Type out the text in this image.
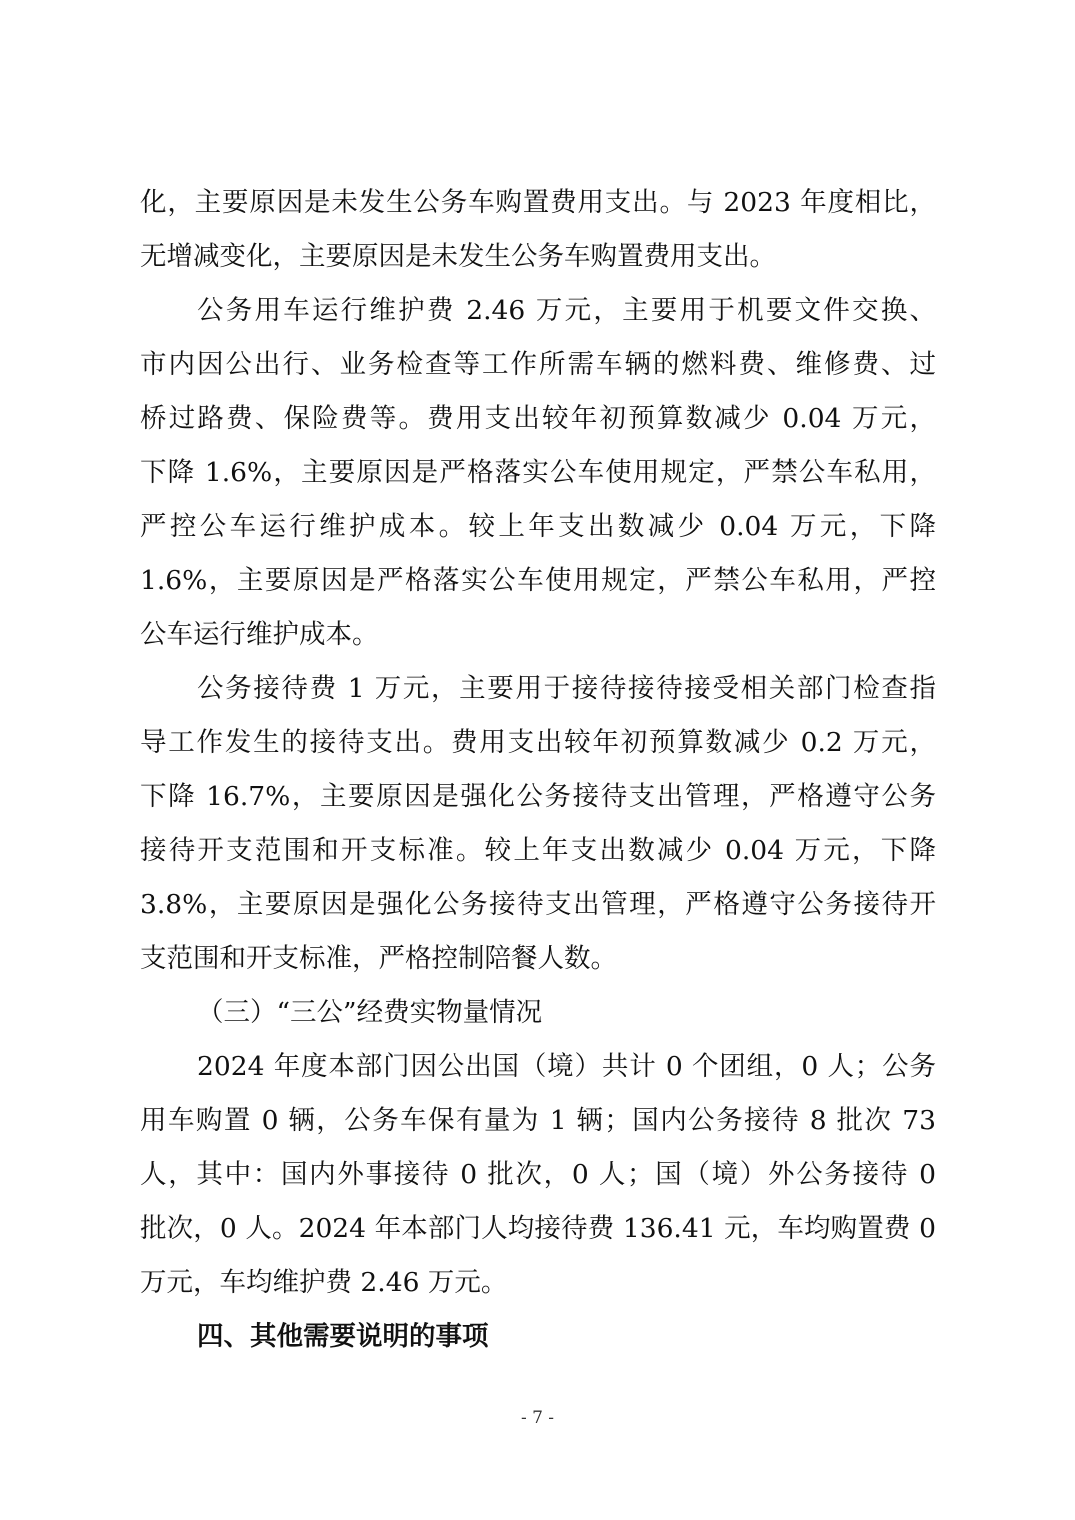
化，主要原因是未发生公务车购置费用支出。与 2023 年度相比，
无增减变化，主要原因是未发生公务车购置费用支出。
公务用车运行维护费 2.46 万元，主要用于机要文件交换、
市内因公出行、业务检查等工作所需车辆的燃料费、维修费、过
桥过路费、保险费等。费用支出较年初预算数减少 0.04 万元，
下降 1.6%，主要原因是严格落实公车使用规定，严禁公车私用，
严控公车运行维护成本。较上年支出数减少 0.04 万元，下降
1.6%，主要原因是严格落实公车使用规定，严禁公车私用，严控
公车运行维护成本。
公务接待费 1 万元，主要用于接待接待接受相关部门检查指
导工作发生的接待支出。费用支出较年初预算数减少 0.2 万元，
下降 16.7%，主要原因是强化公务接待支出管理，严格遵守公务
接待开支范围和开支标准。较上年支出数减少 0.04 万元，下降
3.8%，主要原因是强化公务接待支出管理，严格遵守公务接待开
支范围和开支标准，严格控制陪餐人数。
（三）“三公”经费实物量情况
2024 年度本部门因公出国（境）共计 0 个团组，0 人；公务
用车购置 0 辆，公务车保有量为 1 辆；国内公务接待 8 批次 73
人，其中：国内外事接待 0 批次，0 人；国（境）外公务接待 0
批次，0 人。2024 年本部门人均接待费 136.41 元，车均购置费 0
万元，车均维护费 2.46 万元。
四、其他需要说明的事项
- 7 -
